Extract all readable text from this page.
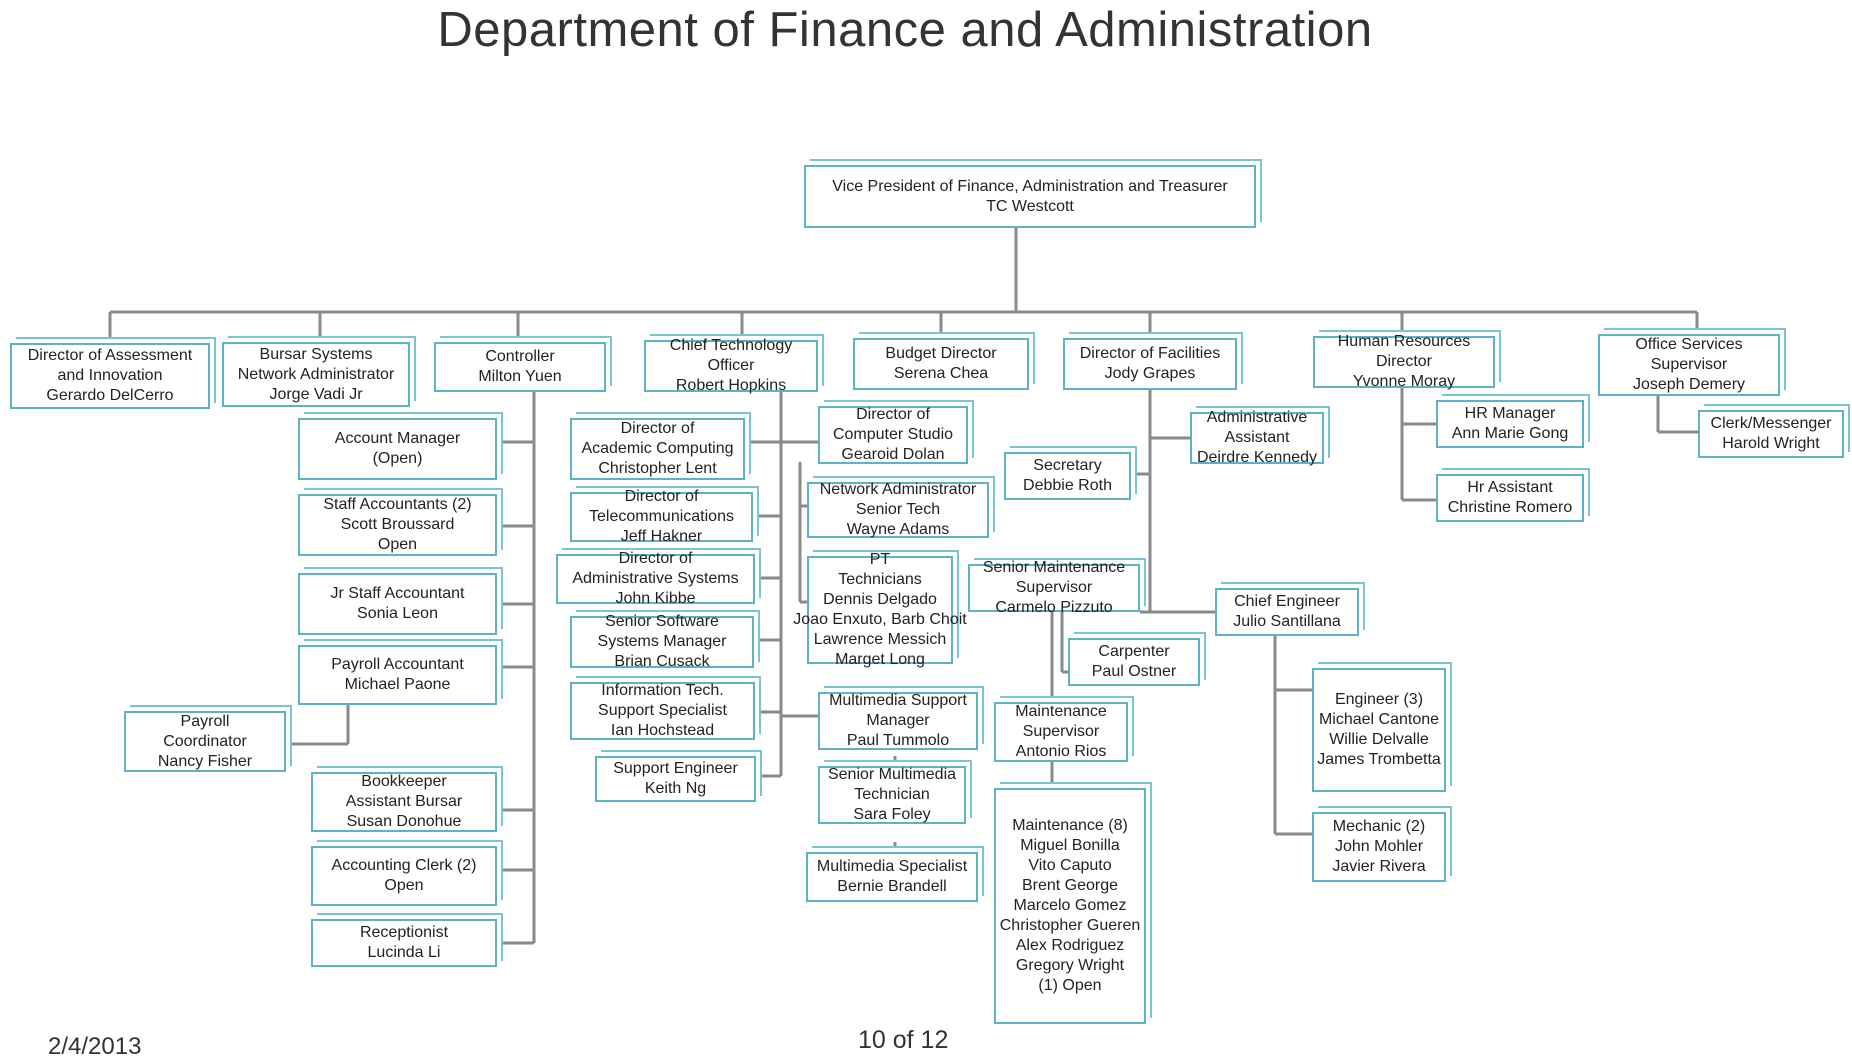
Department of Finance and Administration
Vice President of Finance, Administration and Treasurer
TC Westcott
Director of Assessment
and Innovation
Gerardo DelCerro
Bursar Systems
Network Administrator
Jorge Vadi Jr
Controller
Milton Yuen
Chief Technology
Officer
Robert Hopkins
Budget Director
Serena Chea
Director of Facilities
Jody Grapes
Human Resources
Director
Yvonne Moray
Office Services
Supervisor
Joseph Demery
Account Manager
(Open)
Staff Accountants (2)
Scott Broussard
Open
Jr Staff Accountant
Sonia Leon
Payroll Accountant
Michael Paone
Payroll
Coordinator
Nancy Fisher
Bookkeeper
Assistant Bursar
Susan Donohue
Accounting Clerk (2)
Open
Receptionist
Lucinda Li
Director of
Academic Computing
Christopher Lent
Director of
Telecommunications
Jeff Hakner
Director of
Administrative Systems
John Kibbe
Senior Software
Systems Manager
Brian Cusack
Information Tech.
Support Specialist
Ian Hochstead
Support Engineer
Keith Ng
Director of
Computer Studio
Gearoid Dolan
Network Administrator
Senior Tech
Wayne Adams
PT
Technicians
Dennis Delgado
Joao Enxuto, Barb Choit
Lawrence Messich
Marget Long
Multimedia Support
Manager
Paul Tummolo
Senior Multimedia
Technician
Sara Foley
Multimedia Specialist
Bernie Brandell
Secretary
Debbie Roth
Administrative
Assistant
Deirdre Kennedy
Senior Maintenance
Supervisor
Carmelo Pizzuto
Carpenter
Paul Ostner
Maintenance
Supervisor
Antonio Rios
Maintenance (8)
Miguel Bonilla
Vito Caputo
Brent George
Marcelo Gomez
Christopher Gueren
Alex Rodriguez
Gregory Wright
(1) Open
Chief Engineer
Julio Santillana
Engineer (3)
Michael Cantone
Willie Delvalle
James Trombetta
Mechanic (2)
John Mohler
Javier Rivera
HR Manager
Ann Marie Gong
Hr Assistant
Christine Romero
Clerk/Messenger
Harold Wright
2/4/2013	10 of 12
